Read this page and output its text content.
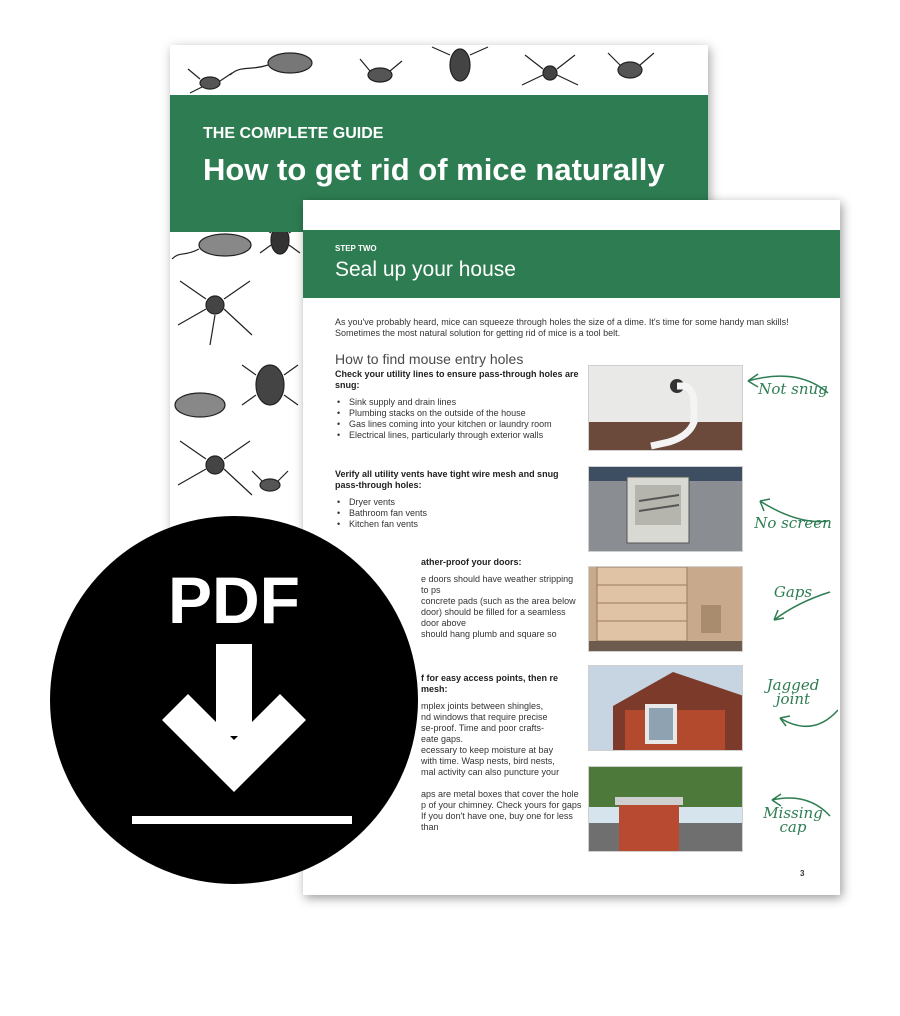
THE COMPLETE GUIDE
How to get rid of mice naturally
STEP TWO
Seal up your house
As you've probably heard, mice can squeeze through holes the size of a dime. It's time for some handy man skills! Sometimes the most natural solution for getting rid of mice is a tool belt.
How to find mouse entry holes
Check your utility lines to ensure pass-through holes are snug:
• Sink supply and drain lines
• Plumbing stacks on the outside of the house
• Gas lines coming into your kitchen or laundry room
• Electrical lines, particularly through exterior walls
Verify all utility vents have tight wire mesh and snug pass-through holes:
• Dryer vents
• Bathroom fan vents
• Kitchen fan vents
ather-proof your doors:

e doors should have weather stripping to ps

concrete pads (such as the area below door) should be filled for a seamless door above

should hang plumb and square so

f for easy access points, then re mesh:

mplex joints between shingles,

nd windows that require precise

se-proof. Time and poor crafts-

eate gaps.

ecessary to keep moisture at bay

with time. Wasp nests, bird nests,

mal activity can also puncture your

aps are metal boxes that cover the hole

p of your chimney. Check yours for gaps

If you don't have one, buy one for less than

Not snug
No screen
Gaps
Jagged joint
Missing cap
3
PDF
